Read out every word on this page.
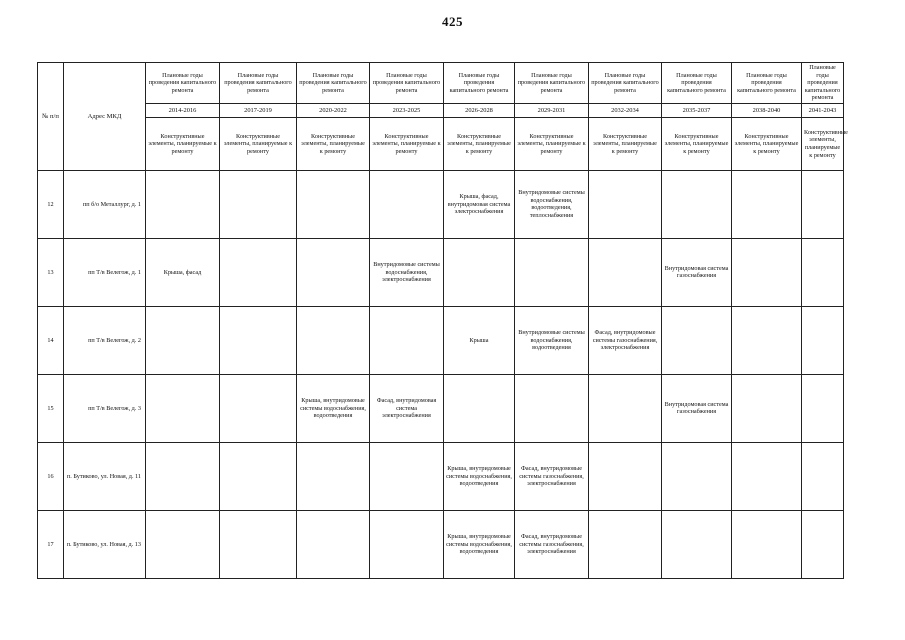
425
№ п/п	Адрес МКД	Плановые годы проведения капитального ремонта	Плановые годы проведения капитального ремонта	Плановые годы проведения капитального ремонта	Плановые годы проведения капитального ремонта	Плановые годы проведения капитального ремонта	Плановые годы проведения капитального ремонта	Плановые годы проведения капитального ремонта	Плановые годы проведения капитального ремонта	Плановые годы проведения капитального ремонта	Плановые годы проведения капитального ремонта
		2014-2016	2017-2019	2020-2022	2023-2025	2026-2028	2029-2031	2032-2034	2035-2037	2038-2040	2041-2043
		Конструктивные элементы, планируемые к ремонту	Конструктивные элементы, планируемые к ремонту	Конструктивные элементы, планируемые к ремонту	Конструктивные элементы, планируемые к ремонту	Конструктивные элементы, планируемые к ремонту	Конструктивные элементы, планируемые к ремонту	Конструктивные элементы, планируемые к ремонту	Конструктивные элементы, планируемые к ремонту	Конструктивные элементы, планируемые к ремонту	Конструктивные элементы, планируемые к ремонту
12	пп б/о Металлург, д. 1					Крыша, фасад, внутридомовая система электроснабжения	Внутридомовые системы водоснабжения, водоотведения, теплоснабжения				
13	пп Т/в Велегож, д. 1	Крыша, фасад			Внутридомовые системы водоснабжения, электроснабжения				Внутридомовая система газоснабжения		
14	пп Т/в Велегож, д. 2					Крыша	Внутридомовые системы водоснабжения, водоотведения	Фасад, внутридомовые системы газоснабжения, электроснабжения			
15	пп Т/в Велегож, д. 3			Крыша, внутридомовые системы водоснабжения, водоотведения	Фасад, внутридомовая система электроснабжения				Внутридомовая система газоснабжения		
16	п. Бутиково, ул. Новая, д. 11					Крыша, внутридомовые системы водоснабжения, водоотведения	Фасад, внутридомовые системы газоснабжения, электроснабжения				
17	п. Бутиково, ул. Новая, д. 13					Крыша, внутридомовые системы водоснабжения, водоотведения	Фасад, внутридомовые системы газоснабжения, электроснабжения				
